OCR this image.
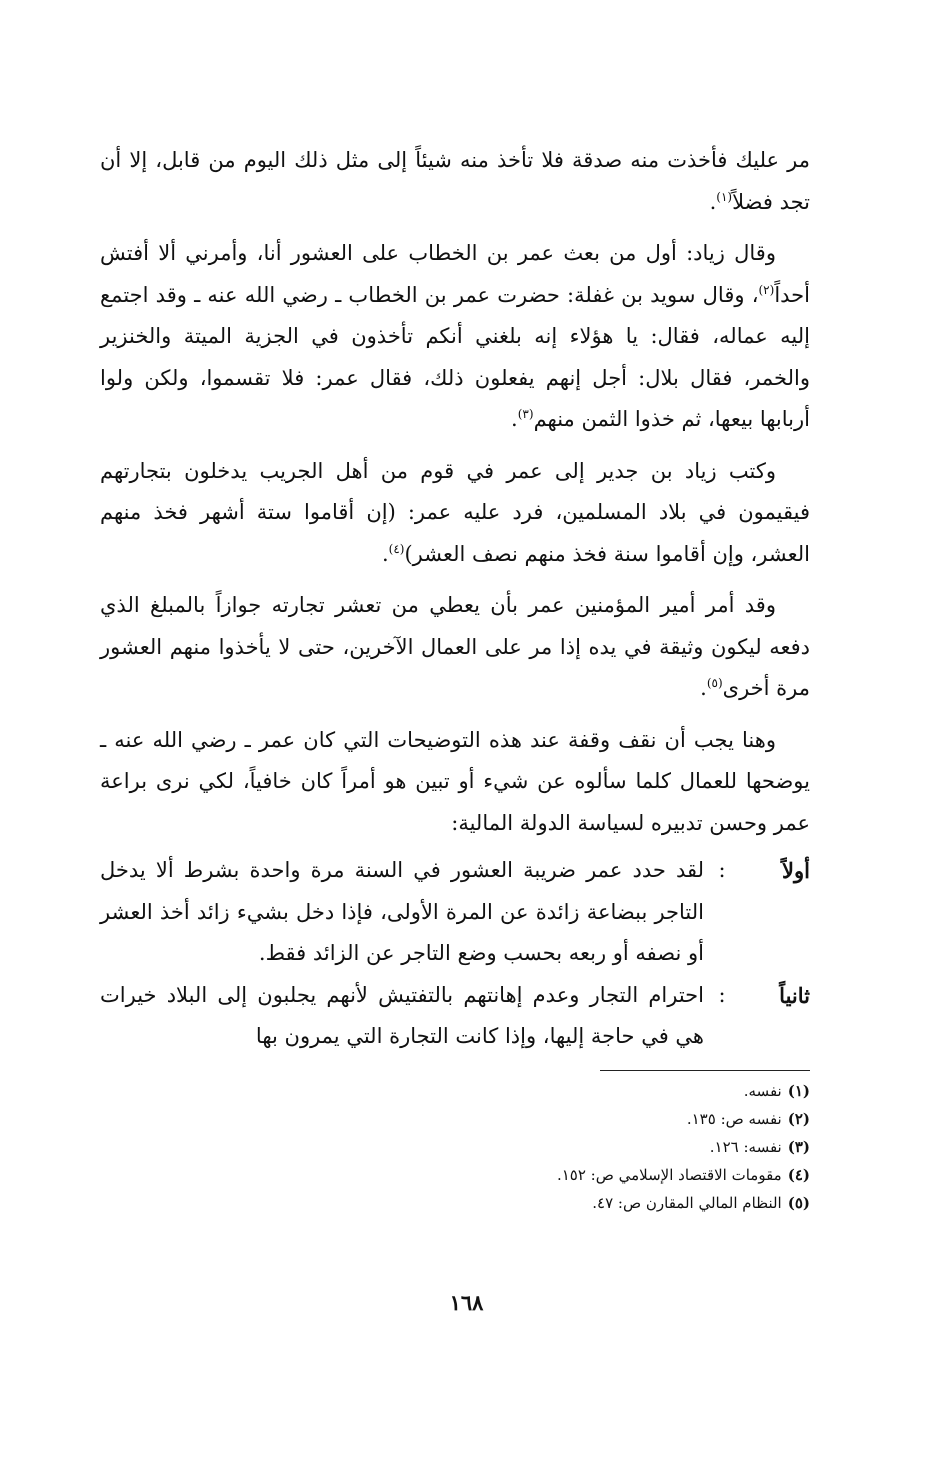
مر عليك فأخذت منه صدقة فلا تأخذ منه شيئاً إلى مثل ذلك اليوم من قابل، إلا أن تجد فضلاً$^{(١)}$.

وقال زياد: أول من بعث عمر بن الخطاب على العشور أنا، وأمرني ألا أفتش أحداً$^{(٢)}$، وقال سويد بن غفلة: حضرت عمر بن الخطاب ـ رضي الله عنه ـ وقد اجتمع إليه عماله، فقال: يا هؤلاء إنه بلغني أنكم تأخذون في الجزية الميتة والخنزير والخمر، فقال بلال: أجل إنهم يفعلون ذلك، فقال عمر: فلا تقسموا، ولكن ولوا أربابها بيعها، ثم خذوا الثمن منهم$^{(٣)}$.

وكتب زياد بن جدير إلى عمر في قوم من أهل الجريب يدخلون بتجارتهم فيقيمون في بلاد المسلمين، فرد عليه عمر: (إن أقاموا ستة أشهر فخذ منهم العشر، وإن أقاموا سنة فخذ منهم نصف العشر)$^{(٤)}$.

وقد أمر أمير المؤمنين عمر بأن يعطي من تعشر تجارته جوازاً بالمبلغ الذي دفعه ليكون وثيقة في يده إذا مر على العمال الآخرين، حتى لا يأخذوا منهم العشور مرة أخرى$^{(٥)}$.

وهنا يجب أن نقف وقفة عند هذه التوضيحات التي كان عمر ـ رضي الله عنه ـ يوضحها للعمال كلما سألوه عن شيء أو تبين هو أمراً كان خافياً، لكي نرى براعة عمر وحسن تدبيره لسياسة الدولة المالية:

أولاً
:
لقد حدد عمر ضريبة العشور في السنة مرة واحدة بشرط ألا يدخل التاجر ببضاعة زائدة عن المرة الأولى، فإذا دخل بشيء زائد أخذ العشر أو نصفه أو ربعه بحسب وضع التاجر عن الزائد فقط.
ثانياً
:
احترام التجار وعدم إهانتهم بالتفتيش لأنهم يجلبون إلى البلاد خيرات هي في حاجة إليها، وإذا كانت التجارة التي يمرون بها
(١)نفسه.
(٢)نفسه ص: ١٣٥.
(٣)نفسه: ١٢٦.
(٤)مقومات الاقتصاد الإسلامي ص: ١٥٢.
(٥)النظام المالي المقارن ص: ٤٧.
١٦٨
